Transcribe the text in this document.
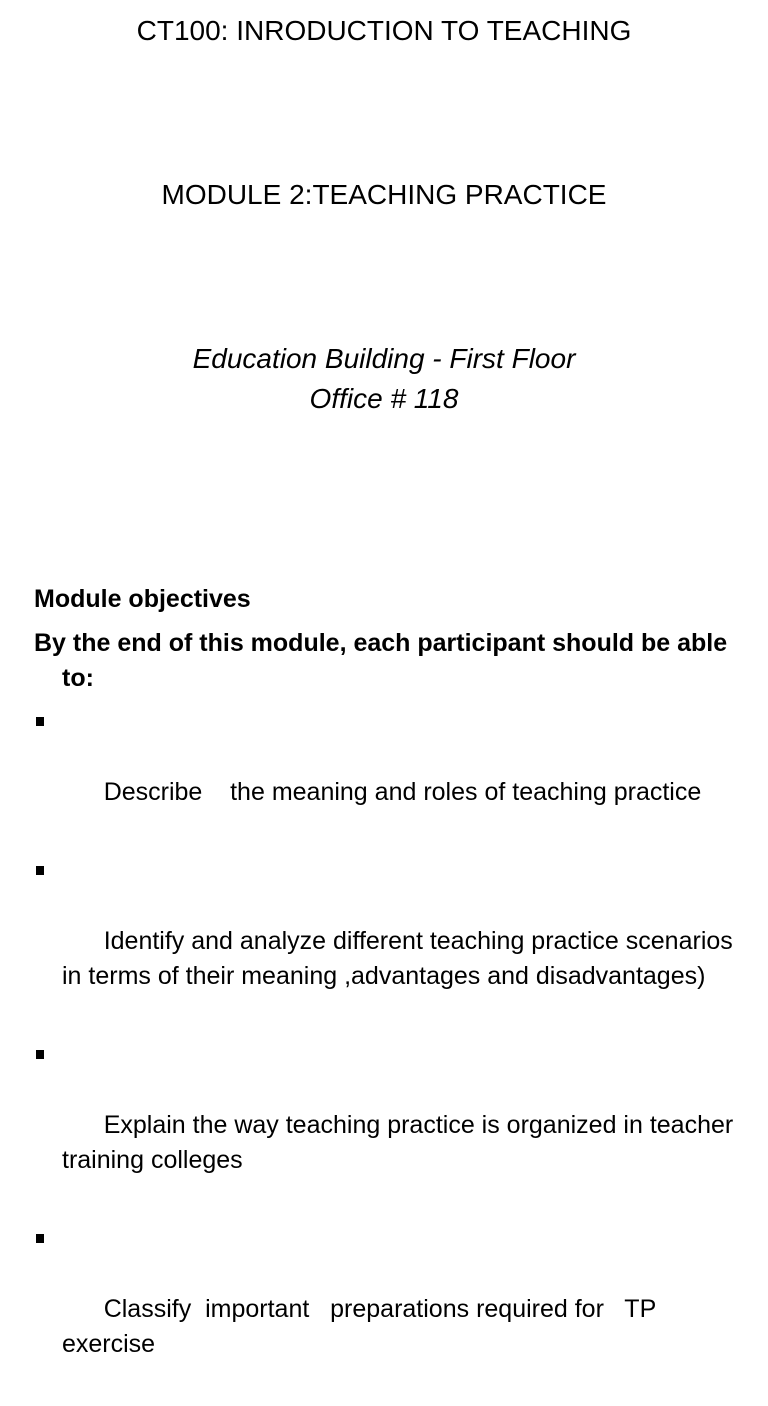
CT100: INRODUCTION TO TEACHING
MODULE 2:TEACHING PRACTICE
Education Building - First Floor
Office # 118
Module objectives
By the end of this module, each participant should be able to:

Describe    the meaning and roles of teaching practice

Identify and analyze different teaching practice scenarios in terms of their meaning ,advantages and disadvantages)

Explain the way teaching practice is organized in teacher training colleges

Classify  important   preparations required for   TP exercise
